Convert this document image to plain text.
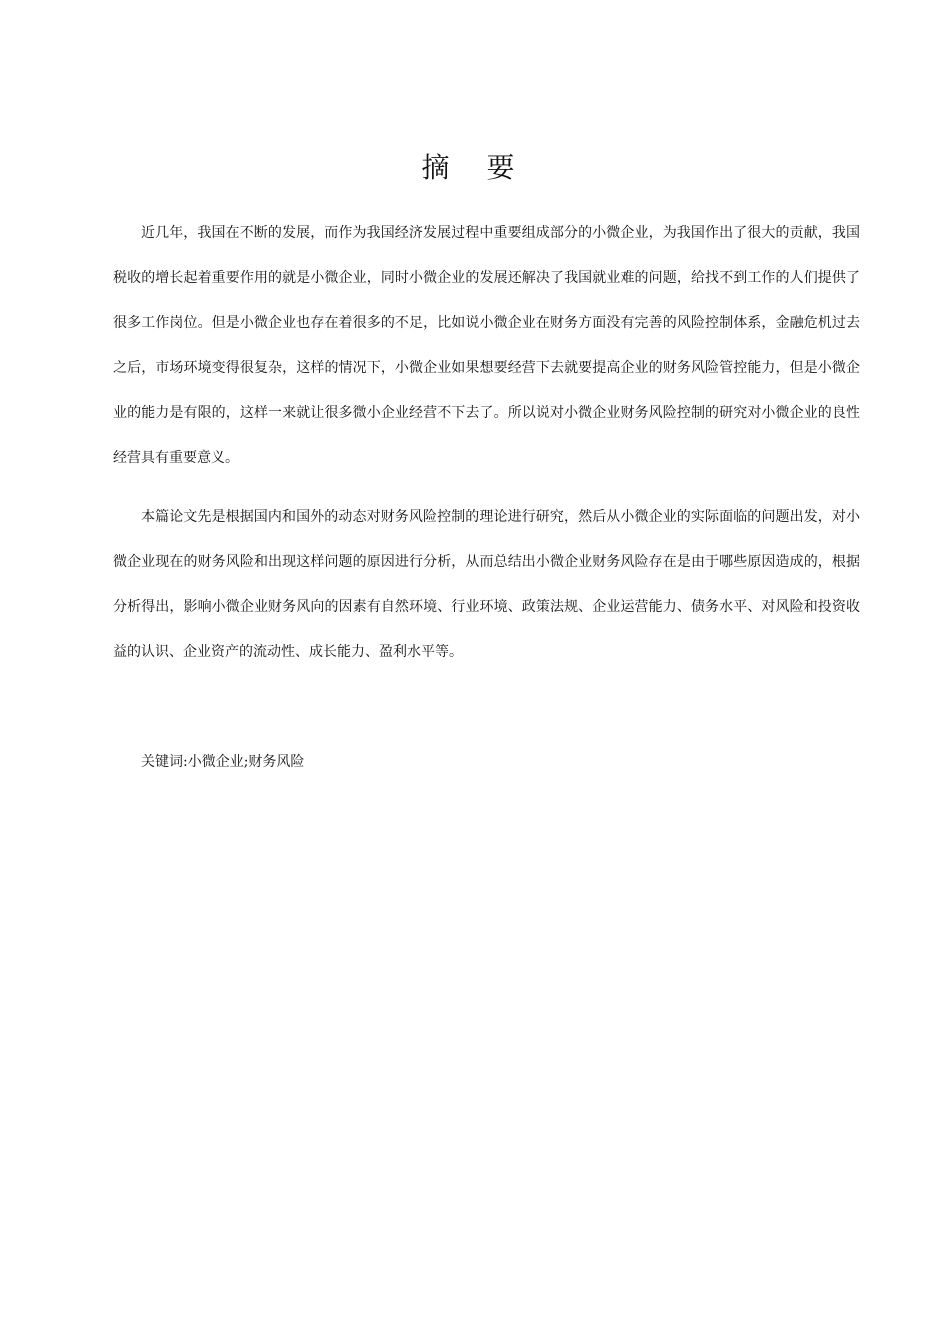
摘 要

近几年，我国在不断的发展，而作为我国经济发展过程中重要组成部分的小微企业，为我国作出了很大的贡献，我国税收的增长起着重要作用的就是小微企业，同时小微企业的发展还解决了我国就业难的问题，给找不到工作的人们提供了很多工作岗位。但是小微企业也存在着很多的不足，比如说小微企业在财务方面没有完善的风险控制体系，金融危机过去之后，市场环境变得很复杂，这样的情况下，小微企业如果想要经营下去就要提高企业的财务风险管控能力，但是小微企业的能力是有限的，这样一来就让很多微小企业经营不下去了。所以说对小微企业财务风险控制的研究对小微企业的良性经营具有重要意义。

本篇论文先是根据国内和国外的动态对财务风险控制的理论进行研究，然后从小微企业的实际面临的问题出发，对小微企业现在的财务风险和出现这样问题的原因进行分析，从而总结出小微企业财务风险存在是由于哪些原因造成的，根据分析得出，影响小微企业财务风向的因素有自然环境、行业环境、政策法规、企业运营能力、债务水平、对风险和投资收益的认识、企业资产的流动性、成长能力、盈利水平等。

关键词:小微企业;财务风险
